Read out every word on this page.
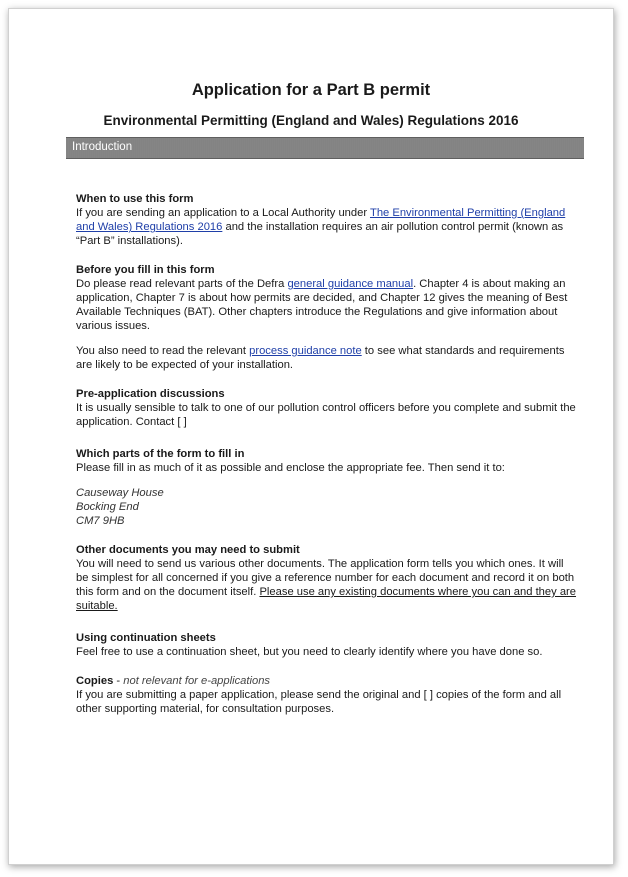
Application for a Part B permit
Environmental Permitting (England and Wales) Regulations 2016
Introduction
When to use this form

If you are sending an application to a Local Authority under The Environmental Permitting (England and Wales) Regulations 2016 and the installation requires an air pollution control permit (known as “Part B” installations).

Before you fill in this form

Do please read relevant parts of the Defra general guidance manual. Chapter 4 is about making an application, Chapter 7 is about how permits are decided, and Chapter 12 gives the meaning of Best Available Techniques (BAT). Other chapters introduce the Regulations and give information about various issues.

You also need to read the relevant process guidance note to see what standards and requirements are likely to be expected of your installation.

Pre-application discussions

It is usually sensible to talk to one of our pollution control officers before you complete and submit the application. Contact [ ]

Which parts of the form to fill in

Please fill in as much of it as possible and enclose the appropriate fee. Then send it to:

Causeway House

Bocking End

CM7 9HB

Other documents you may need to submit

You will need to send us various other documents. The application form tells you which ones. It will be simplest for all concerned if you give a reference number for each document and record it on both this form and on the document itself. Please use any existing documents where you can and they are suitable.

Using continuation sheets

Feel free to use a continuation sheet, but you need to clearly identify where you have done so.

Copies - not relevant for e-applications

If you are submitting a paper application, please send the original and [ ] copies of the form and all other supporting material, for consultation purposes.
